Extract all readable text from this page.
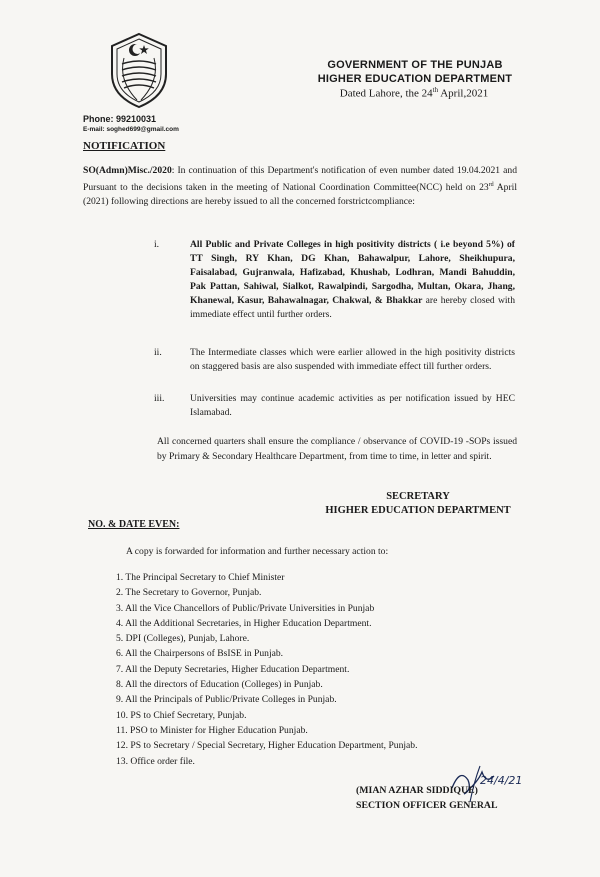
GOVERNMENT OF THE PUNJAB
HIGHER EDUCATION DEPARTMENT
Dated Lahore, the 24th April,2021
Phone: 99210031
E-mail: soghed699@gmail.com
NOTIFICATION
SO(Admn)Misc./2020: In continuation of this Department's notification of even number dated 19.04.2021 and Pursuant to the decisions taken in the meeting of National Coordination Committee(NCC) held on 23rd April (2021) following directions are hereby issued to all the concerned forstrictcompliance:
i.	All Public and Private Colleges in high positivity districts ( i.e beyond 5%) of TT Singh, RY Khan, DG Khan, Bahawalpur, Lahore, Sheikhupura, Faisalabad, Gujranwala, Hafizabad, Khushab, Lodhran, Mandi Bahuddin, Pak Pattan, Sahiwal, Sialkot, Rawalpindi, Sargodha, Multan, Okara, Jhang, Khanewal, Kasur, Bahawalnagar, Chakwal, & Bhakkar are hereby closed with immediate effect until further orders.
ii.	The Intermediate classes which were earlier allowed in the high positivity districts on staggered basis are also suspended with immediate effect till further orders.
iii.	Universities may continue academic activities as per notification issued by HEC Islamabad.
All concerned quarters shall ensure the compliance / observance of COVID-19 -SOPs issued by Primary & Secondary Healthcare Department, from time to time, in letter and spirit.
SECRETARY
HIGHER EDUCATION DEPARTMENT
NO. & DATE EVEN:
A copy is forwarded for information and further necessary action to:
1. The Principal Secretary to Chief Minister
2. The Secretary to Governor, Punjab.
3. All the Vice Chancellors of Public/Private Universities in Punjab
4. All the Additional Secretaries, in Higher Education Department.
5. DPI (Colleges), Punjab, Lahore.
6. All the Chairpersons of BsISE in Punjab.
7. All the Deputy Secretaries, Higher Education Department.
8. All the directors of Education (Colleges) in Punjab.
9. All the Principals of Public/Private Colleges in Punjab.
10. PS to Chief Secretary, Punjab.
11. PSO to Minister for Higher Education Punjab.
12. PS to Secretary / Special Secretary, Higher Education Department, Punjab.
13. Office order file.
24/4/21
(MIAN AZHAR SIDDIQUE)
SECTION OFFICER GENERAL
